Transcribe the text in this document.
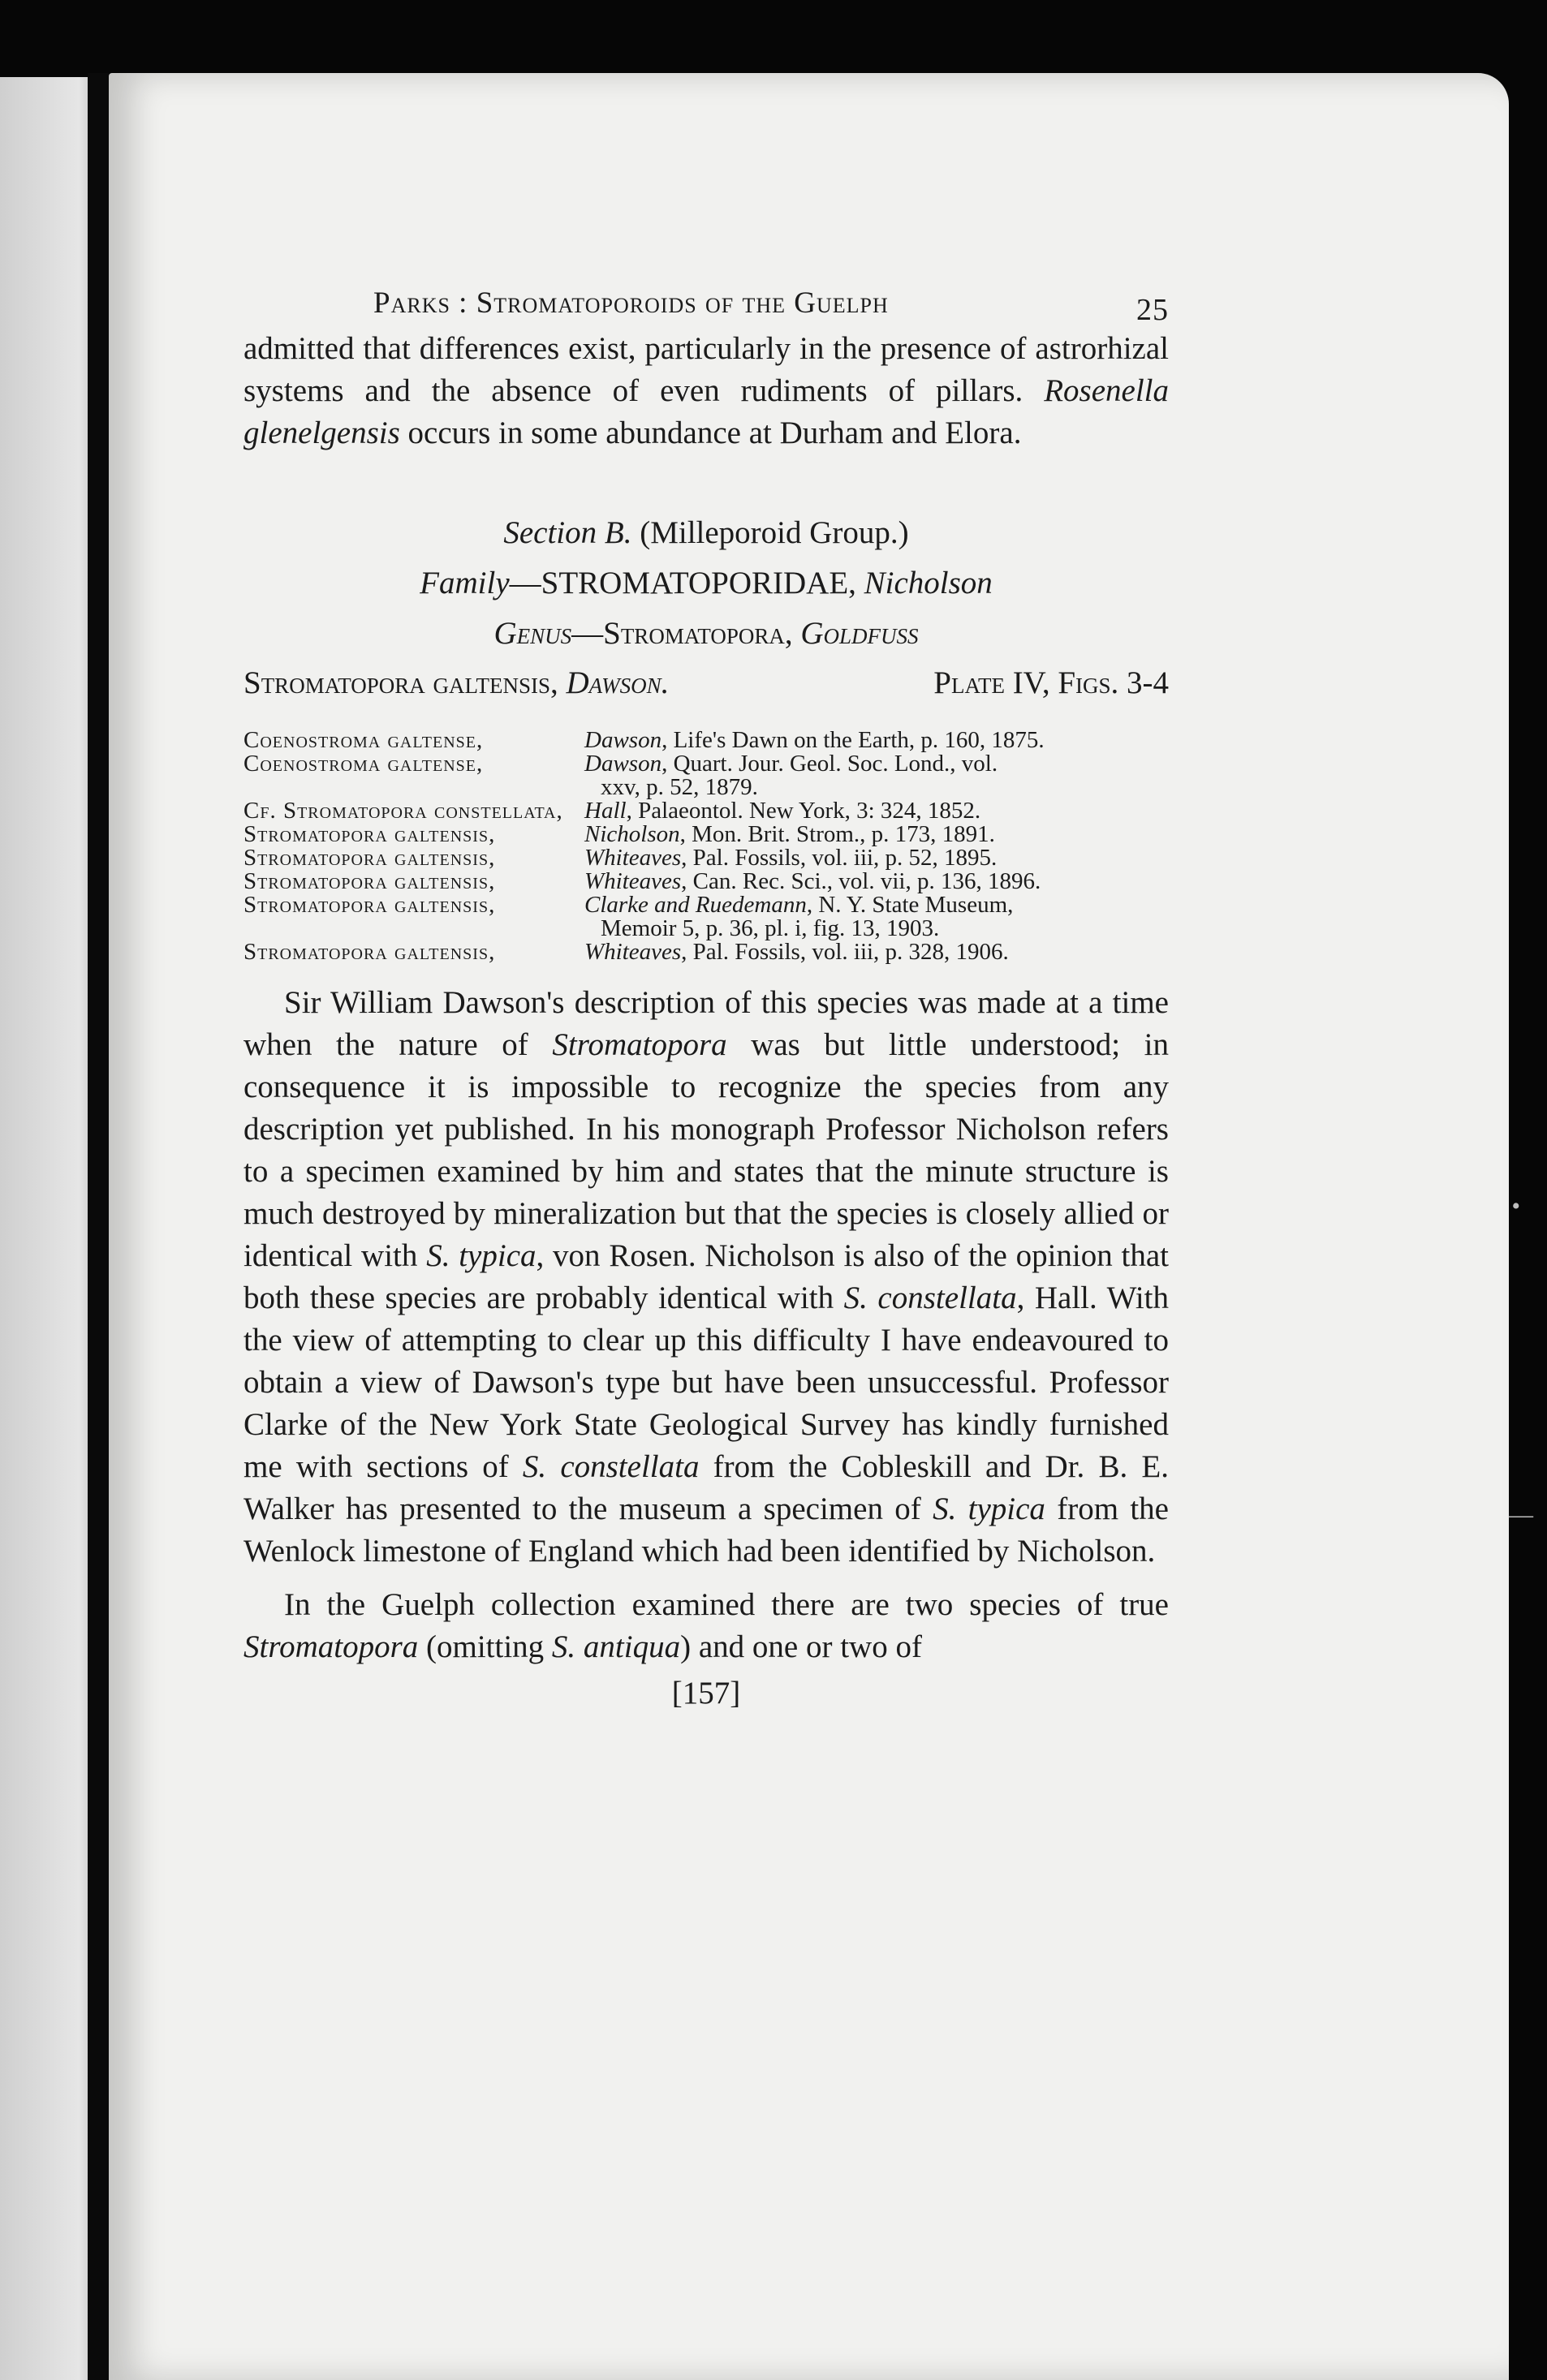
•
—
Parks : Stromatoporoids of the Guelph	25

admitted that differences exist, particularly in the presence of astrorhizal systems and the absence of even rudiments of pillars. Rosenella glenelgensis occurs in some abundance at Durham and Elora.

Section B. (Milleporoid Group.)
Family—STROMATOPORIDAE, Nicholson
Genus—Stromatopora, Goldfuss
Stromatopora galtensis, Dawson.	Plate IV, Figs. 3-4
Coenostroma galtense,	Dawson, Life's Dawn on the Earth, p. 160, 1875.
Coenostroma galtense,	Dawson, Quart. Jour. Geol. Soc. Lond., vol.
xxv, p. 52, 1879.
Cf. Stromatopora constellata, Hall, Palaeontol. New York, 3: 324, 1852.
Stromatopora galtensis,	Nicholson, Mon. Brit. Strom., p. 173, 1891.
Stromatopora galtensis,	Whiteaves, Pal. Fossils, vol. iii, p. 52, 1895.
Stromatopora galtensis,	Whiteaves, Can. Rec. Sci., vol. vii, p. 136, 1896.
Stromatopora galtensis,	Clarke and Ruedemann, N. Y. State Museum,
Memoir 5, p. 36, pl. i, fig. 13, 1903.
Stromatopora galtensis,	Whiteaves, Pal. Fossils, vol. iii, p. 328, 1906.

Sir William Dawson's description of this species was made at a time when the nature of Stromatopora was but little understood; in consequence it is impossible to recognize the species from any description yet published. In his monograph Professor Nicholson refers to a specimen examined by him and states that the minute structure is much destroyed by mineralization but that the species is closely allied or identical with S. typica, von Rosen. Nicholson is also of the opinion that both these species are probably identical with S. constellata, Hall. With the view of attempting to clear up this difficulty I have endeavoured to obtain a view of Dawson's type but have been unsuccessful. Professor Clarke of the New York State Geological Survey has kindly furnished me with sections of S. constellata from the Cobleskill and Dr. B. E. Walker has presented to the museum a specimen of S. typica from the Wenlock limestone of England which had been identified by Nicholson.

In the Guelph collection examined there are two species of true Stromatopora (omitting S. antiqua) and one or two of

[157]
